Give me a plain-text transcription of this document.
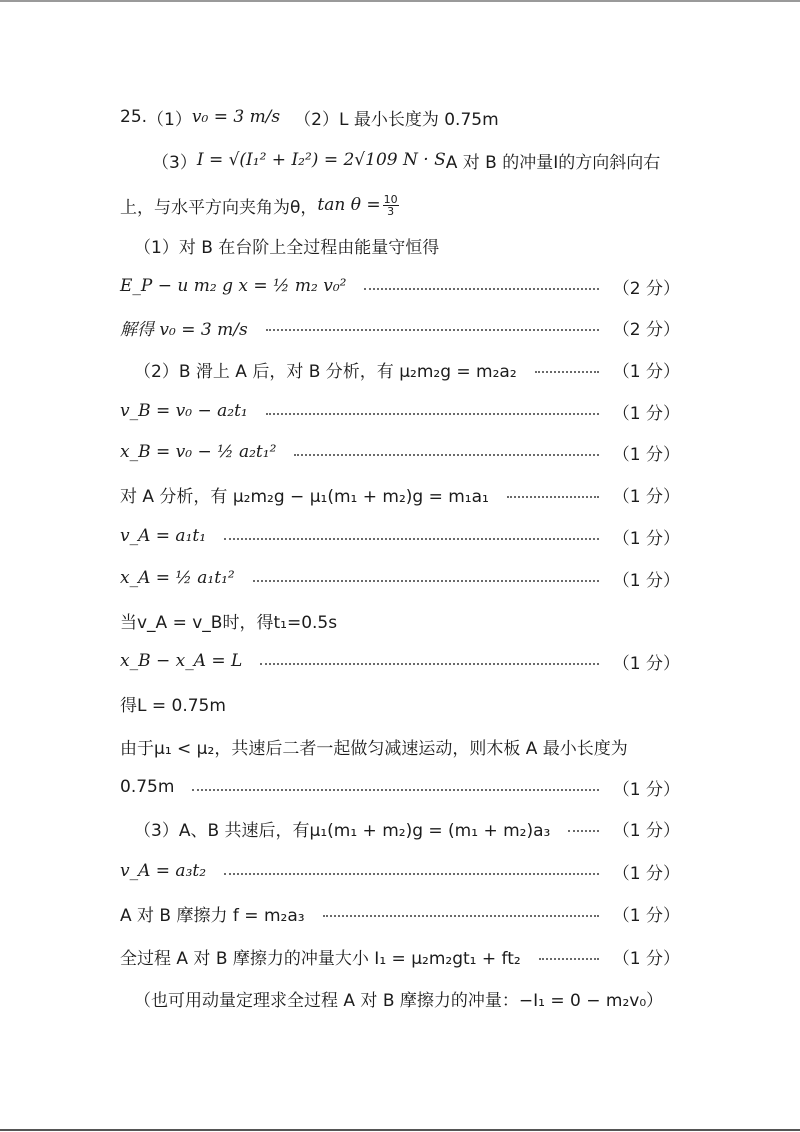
25. （1） v₀ = 3 m/s （2）L 最小长度为 0.75m
（3） I = √(I₁² + I₂²) = 2√109 N · S A 对 B 的冲量I的方向斜向右
上，与水平方向夹角为θ， $\tan \theta = \frac{10}{3}$
（1）对 B 在台阶上全过程由能量守恒得
E_P − u m₂ g x = ½ m₂ v₀²	（2 分）
解得 v₀ = 3 m/s	（2 分）
（2）B 滑上 A 后，对 B 分析，有 μ₂m₂g = m₂a₂	（1 分）
v_B = v₀ − a₂t₁	（1 分）
x_B = v₀ − ½ a₂t₁²	（1 分）
对 A 分析，有 μ₂m₂g − μ₁(m₁ + m₂)g = m₁a₁	（1 分）
v_A = a₁t₁	（1 分）
x_A = ½ a₁t₁²	（1 分）
当v_A = v_B时，得t₁=0.5s
x_B − x_A = L	（1 分）
得L = 0.75m
由于μ₁ < μ₂，共速后二者一起做匀减速运动，则木板 A 最小长度为
0.75m	（1 分）
（3）A、B 共速后，有μ₁(m₁ + m₂)g = (m₁ + m₂)a₃	（1 分）
v_A = a₃t₂	（1 分）
A 对 B 摩擦力 f = m₂a₃	（1 分）
全过程 A 对 B 摩擦力的冲量大小 I₁ = μ₂m₂gt₁ + ft₂	（1 分）
（也可用动量定理求全过程 A 对 B 摩擦力的冲量：−I₁ = 0 − m₂v₀）
